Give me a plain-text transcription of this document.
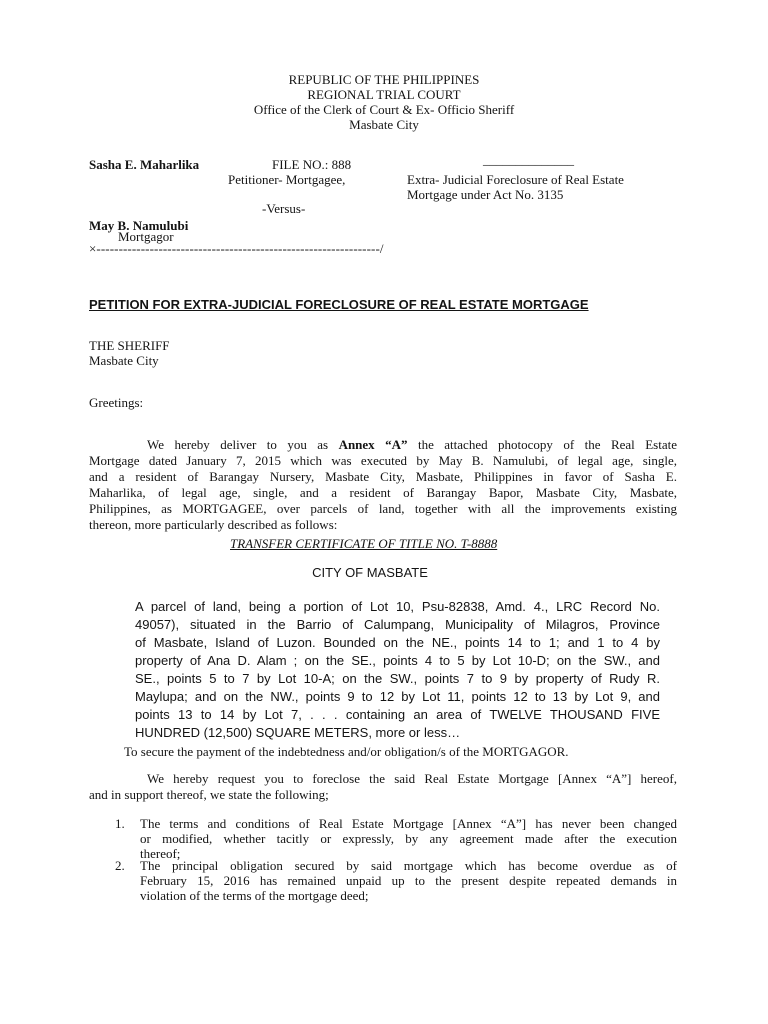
REPUBLIC OF THE PHILIPPINES
REGIONAL TRIAL COURT
Office of the Clerk of Court & Ex- Officio Sheriff
Masbate City
Sasha E. Maharlika	FILE NO.: 888	______________
Petitioner- Mortgagee,	Extra- Judicial Foreclosure of Real Estate
Mortgage under Act No. 3135
-Versus-
May B. Namulubi
Mortgagor
×----------------------------------------------------------------/
PETITION FOR EXTRA-JUDICIAL FORECLOSURE OF REAL ESTATE MORTGAGE
THE SHERIFF
Masbate City
Greetings:
We hereby deliver to you as Annex “A” the attached photocopy of the Real Estate
Mortgage dated January 7, 2015 which was executed by May B. Namulubi, of legal age, single,
and a resident of Barangay Nursery, Masbate City, Masbate, Philippines in favor of Sasha E.
Maharlika, of legal age, single, and a resident of Barangay Bapor, Masbate City, Masbate,
Philippines, as MORTGAGEE, over parcels of land, together with all the improvements existing
thereon, more particularly described as follows:
TRANSFER CERTIFICATE OF TITLE NO. T-8888
CITY OF MASBATE
A parcel of land, being a portion of Lot 10, Psu-82838, Amd. 4., LRC Record No.
49057), situated in the Barrio of Calumpang, Municipality of Milagros, Province
of Masbate, Island of Luzon. Bounded on the NE., points 14 to 1; and 1 to 4 by
property of Ana D. Alam ; on the SE., points 4 to 5 by Lot 10-D; on the SW., and
SE., points 5 to 7 by Lot 10-A; on the SW., points 7 to 9 by property of Rudy R.
Maylupa; and on the NW., points 9 to 12 by Lot 11, points 12 to 13 by Lot 9, and
points 13 to 14 by Lot 7, . . . containing an area of TWELVE THOUSAND FIVE
HUNDRED (12,500) SQUARE METERS, more or less…
To secure the payment of the indebtedness and/or obligation/s of the MORTGAGOR.
We hereby request you to foreclose the said Real Estate Mortgage [Annex “A”] hereof,
and in support thereof, we state the following;
1. The terms and conditions of Real Estate Mortgage [Annex “A”] has never been changed
or modified, whether tacitly or expressly, by any agreement made after the execution
thereof;
2. The principal obligation secured by said mortgage which has become overdue as of
February 15, 2016 has remained unpaid up to the present despite repeated demands in
violation of the terms of the mortgage deed;
